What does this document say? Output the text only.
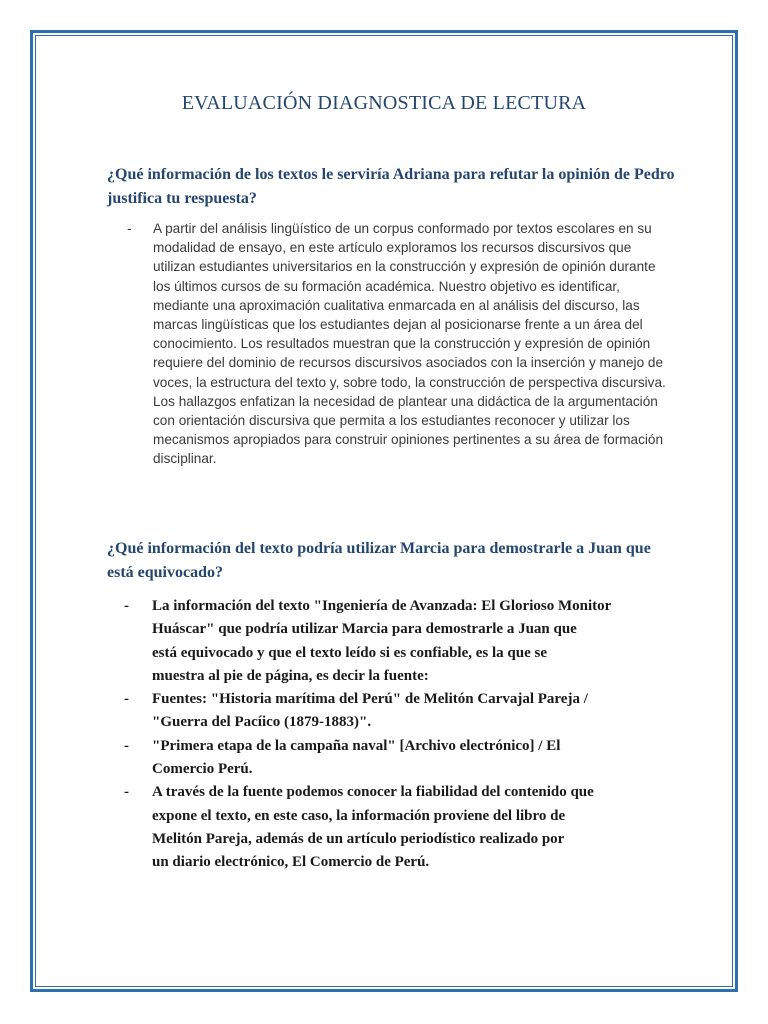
EVALUACIÓN DIAGNOSTICA DE LECTURA
¿Qué información de los textos le serviría Adriana para refutar la opinión de Pedro justifica tu respuesta?
-	A partir del análisis lingüístico de un corpus conformado por textos escolares en su modalidad de ensayo, en este artículo exploramos los recursos discursivos que utilizan estudiantes universitarios en la construcción y expresión de opinión durante los últimos cursos de su formación académica. Nuestro objetivo es identificar, mediante una aproximación cualitativa enmarcada en al análisis del discurso, las marcas lingüísticas que los estudiantes dejan al posicionarse frente a un área del conocimiento. Los resultados muestran que la construcción y expresión de opinión requiere del dominio de recursos discursivos asociados con la inserción y manejo de voces, la estructura del texto y, sobre todo, la construcción de perspectiva discursiva. Los hallazgos enfatizan la necesidad de plantear una didáctica de la argumentación con orientación discursiva que permita a los estudiantes reconocer y utilizar los mecanismos apropiados para construir opiniones pertinentes a su área de formación disciplinar.
¿Qué información del texto podría utilizar Marcia para demostrarle a Juan que está equivocado?
-	La información del texto "Ingeniería de Avanzada: El Glorioso Monitor
Huáscar" que podría utilizar Marcia para demostrarle a Juan que
está equivocado y que el texto leído si es confiable, es la que se
muestra al pie de página, es decir la fuente:
-	Fuentes: "Historia marítima del Perú" de Melitón Carvajal Pareja /
"Guerra del Pacíico (1879-1883)".
-	"Primera etapa de la campaña naval" [Archivo electrónico] / El
Comercio Perú.
-	A través de la fuente podemos conocer la fiabilidad del contenido que
expone el texto, en este caso, la información proviene del libro de
Melitón Pareja, además de un artículo periodístico realizado por
un diario electrónico, El Comercio de Perú.
